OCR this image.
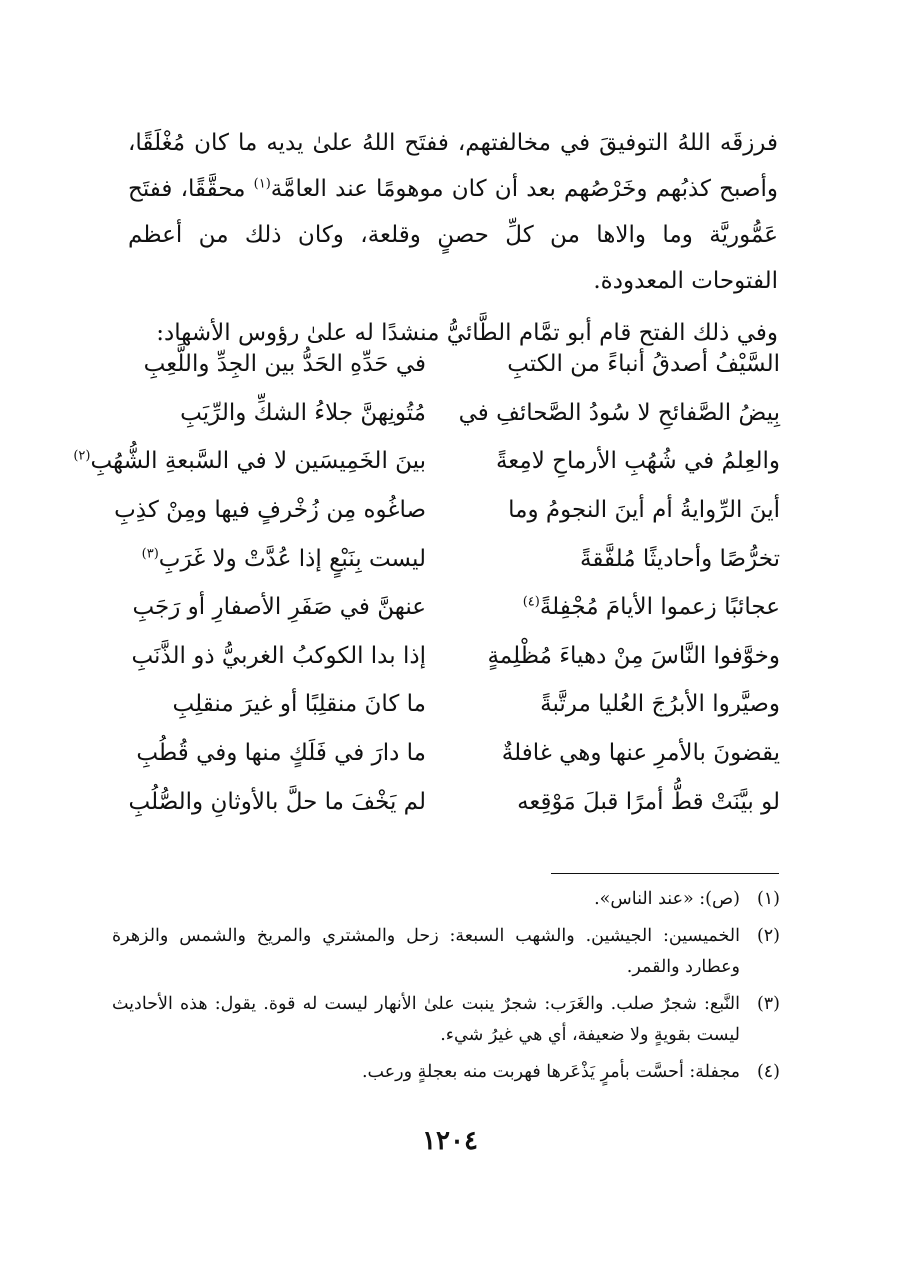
فرزقَه اللهُ التوفيقَ في مخالفتهم، ففتَح اللهُ علىٰ يديه ما كان مُغْلَقًا، وأصبح كذبُهم وخَرْصُهم بعد أن كان موهومًا عند العامَّة$^{(١)}$ محقَّقًا، ففتَح عَمُّوريَّة وما والاها من كلِّ حصنٍ وقلعة، وكان ذلك من أعظم الفتوحات المعدودة.

وفي ذلك الفتح قام أبو تمَّام الطَّائيُّ منشدًا له علىٰ رؤوس الأشهاد:

السَّيْفُ أصدقُ أنباءً من الكتبِ
في حَدِّهِ الحَدُّ بين الجِدِّ واللَّعِبِ
بِيضُ الصَّفائحِ لا سُودُ الصَّحائفِ في
مُتُونِهنَّ جلاءُ الشكِّ والرِّيَبِ
والعِلمُ في شُهُبِ الأرماحِ لامِعةً
بينَ الخَمِيسَين لا في السَّبعةِ الشُّهُبِ$^{(٢)}$
أينَ الرِّوايةُ أم أينَ النجومُ وما
صاغُوه مِن زُخْرفٍ فيها ومِنْ كذِبِ
تخرُّصًا وأحاديثًا مُلفَّقةً
ليست بِنَبْعٍ إذا عُدَّتْ ولا غَرَبِ$^{(٣)}$
عجائبًا زعموا الأيامَ مُجْفِلةً$^{(٤)}$
عنهنَّ في صَفَرِ الأصفارِ أو رَجَبِ
وخوَّفوا النَّاسَ مِنْ دهياءَ مُظْلِمةٍ
إذا بدا الكوكبُ الغربيُّ ذو الذَّنَبِ
وصيَّروا الأبرُجَ العُليا مرتَّبةً
ما كانَ منقلِبًا أو غيرَ منقلِبِ
يقضونَ بالأمرِ عنها وهي غافلةٌ
ما دارَ في فَلَكٍ منها وفي قُطُبِ
لو بيَّنَتْ قطُّ أمرًا قبلَ مَوْقِعه
لم يَخْفَ ما حلَّ بالأوثانِ والصُّلُبِ
(١)
(ص): «عند الناس».
(٢)
الخميسين: الجيشين. والشهب السبعة: زحل والمشتري والمريخ والشمس والزهرة وعطارد والقمر.
(٣)
النَّبع: شجرٌ صلب. والغَرَب: شجرٌ ينبت علىٰ الأنهار ليست له قوة. يقول: هذه الأحاديث ليست بقويةٍ ولا ضعيفة، أي هي غيرُ شيء.
(٤)
مجفلة: أحسَّت بأمرٍ يَذْعَرها فهربت منه بعجلةٍ ورعب.
١٢٠٤
